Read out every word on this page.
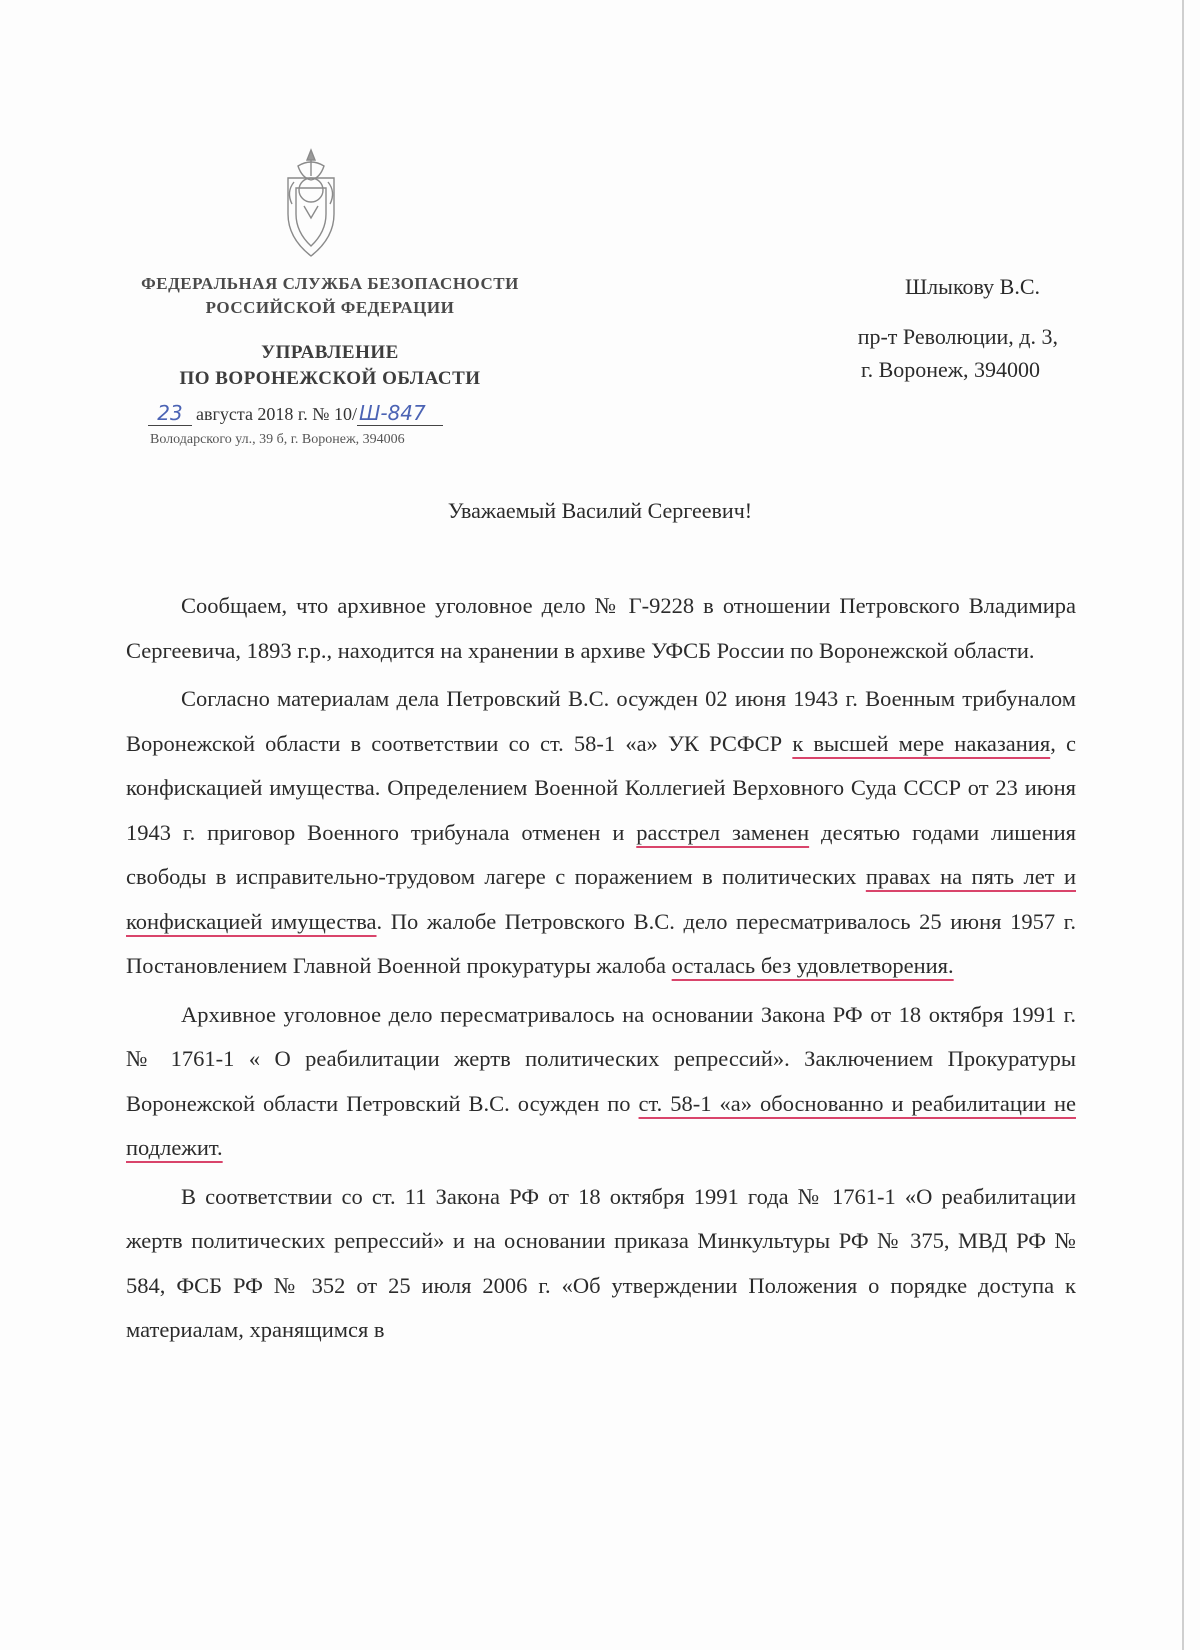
ФЕДЕРАЛЬНАЯ СЛУЖБА БЕЗОПАСНОСТИ
РОССИЙСКОЙ ФЕДЕРАЦИИ
УПРАВЛЕНИЕ
ПО ВОРОНЕЖСКОЙ ОБЛАСТИ
23 августа 2018 г. № 10/ Ш-847
Володарского ул., 39 б, г. Воронеж, 394006
Шлыкову В.С.
пр-т Революции, д. 3,
г. Воронеж, 394000
Уважаемый Василий Сергеевич!

Сообщаем, что архивное уголовное дело № Г-9228 в отношении Петровского Владимира Сергеевича, 1893 г.р., находится на хранении в архиве УФСБ России по Воронежской области.

Согласно материалам дела Петровский В.С. осужден 02 июня 1943 г. Военным трибуналом Воронежской области в соответствии со ст. 58-1 «а» УК РСФСР к высшей мере наказания, с конфискацией имущества. Определением Военной Коллегией Верховного Суда СССР от 23 июня 1943 г. приговор Военного трибунала отменен и расстрел заменен десятью годами лишения свободы в исправительно-трудовом лагере с поражением в политических правах на пять лет и конфискацией имущества. По жалобе Петровского В.С. дело пересматривалось 25 июня 1957 г. Постановлением Главной Военной прокуратуры жалоба осталась без удовлетворения.

Архивное уголовное дело пересматривалось на основании Закона РФ от 18 октября 1991 г. № 1761-1 « О реабилитации жертв политических репрессий». Заключением Прокуратуры Воронежской области Петровский В.С. осужден по ст. 58-1 «а» обоснованно и реабилитации не подлежит.

В соответствии со ст. 11 Закона РФ от 18 октября 1991 года № 1761-1 «О реабилитации жертв политических репрессий» и на основании приказа Минкультуры РФ № 375, МВД РФ № 584, ФСБ РФ № 352 от 25 июля 2006 г. «Об утверждении Положения о порядке доступа к материалам, хранящимся в
